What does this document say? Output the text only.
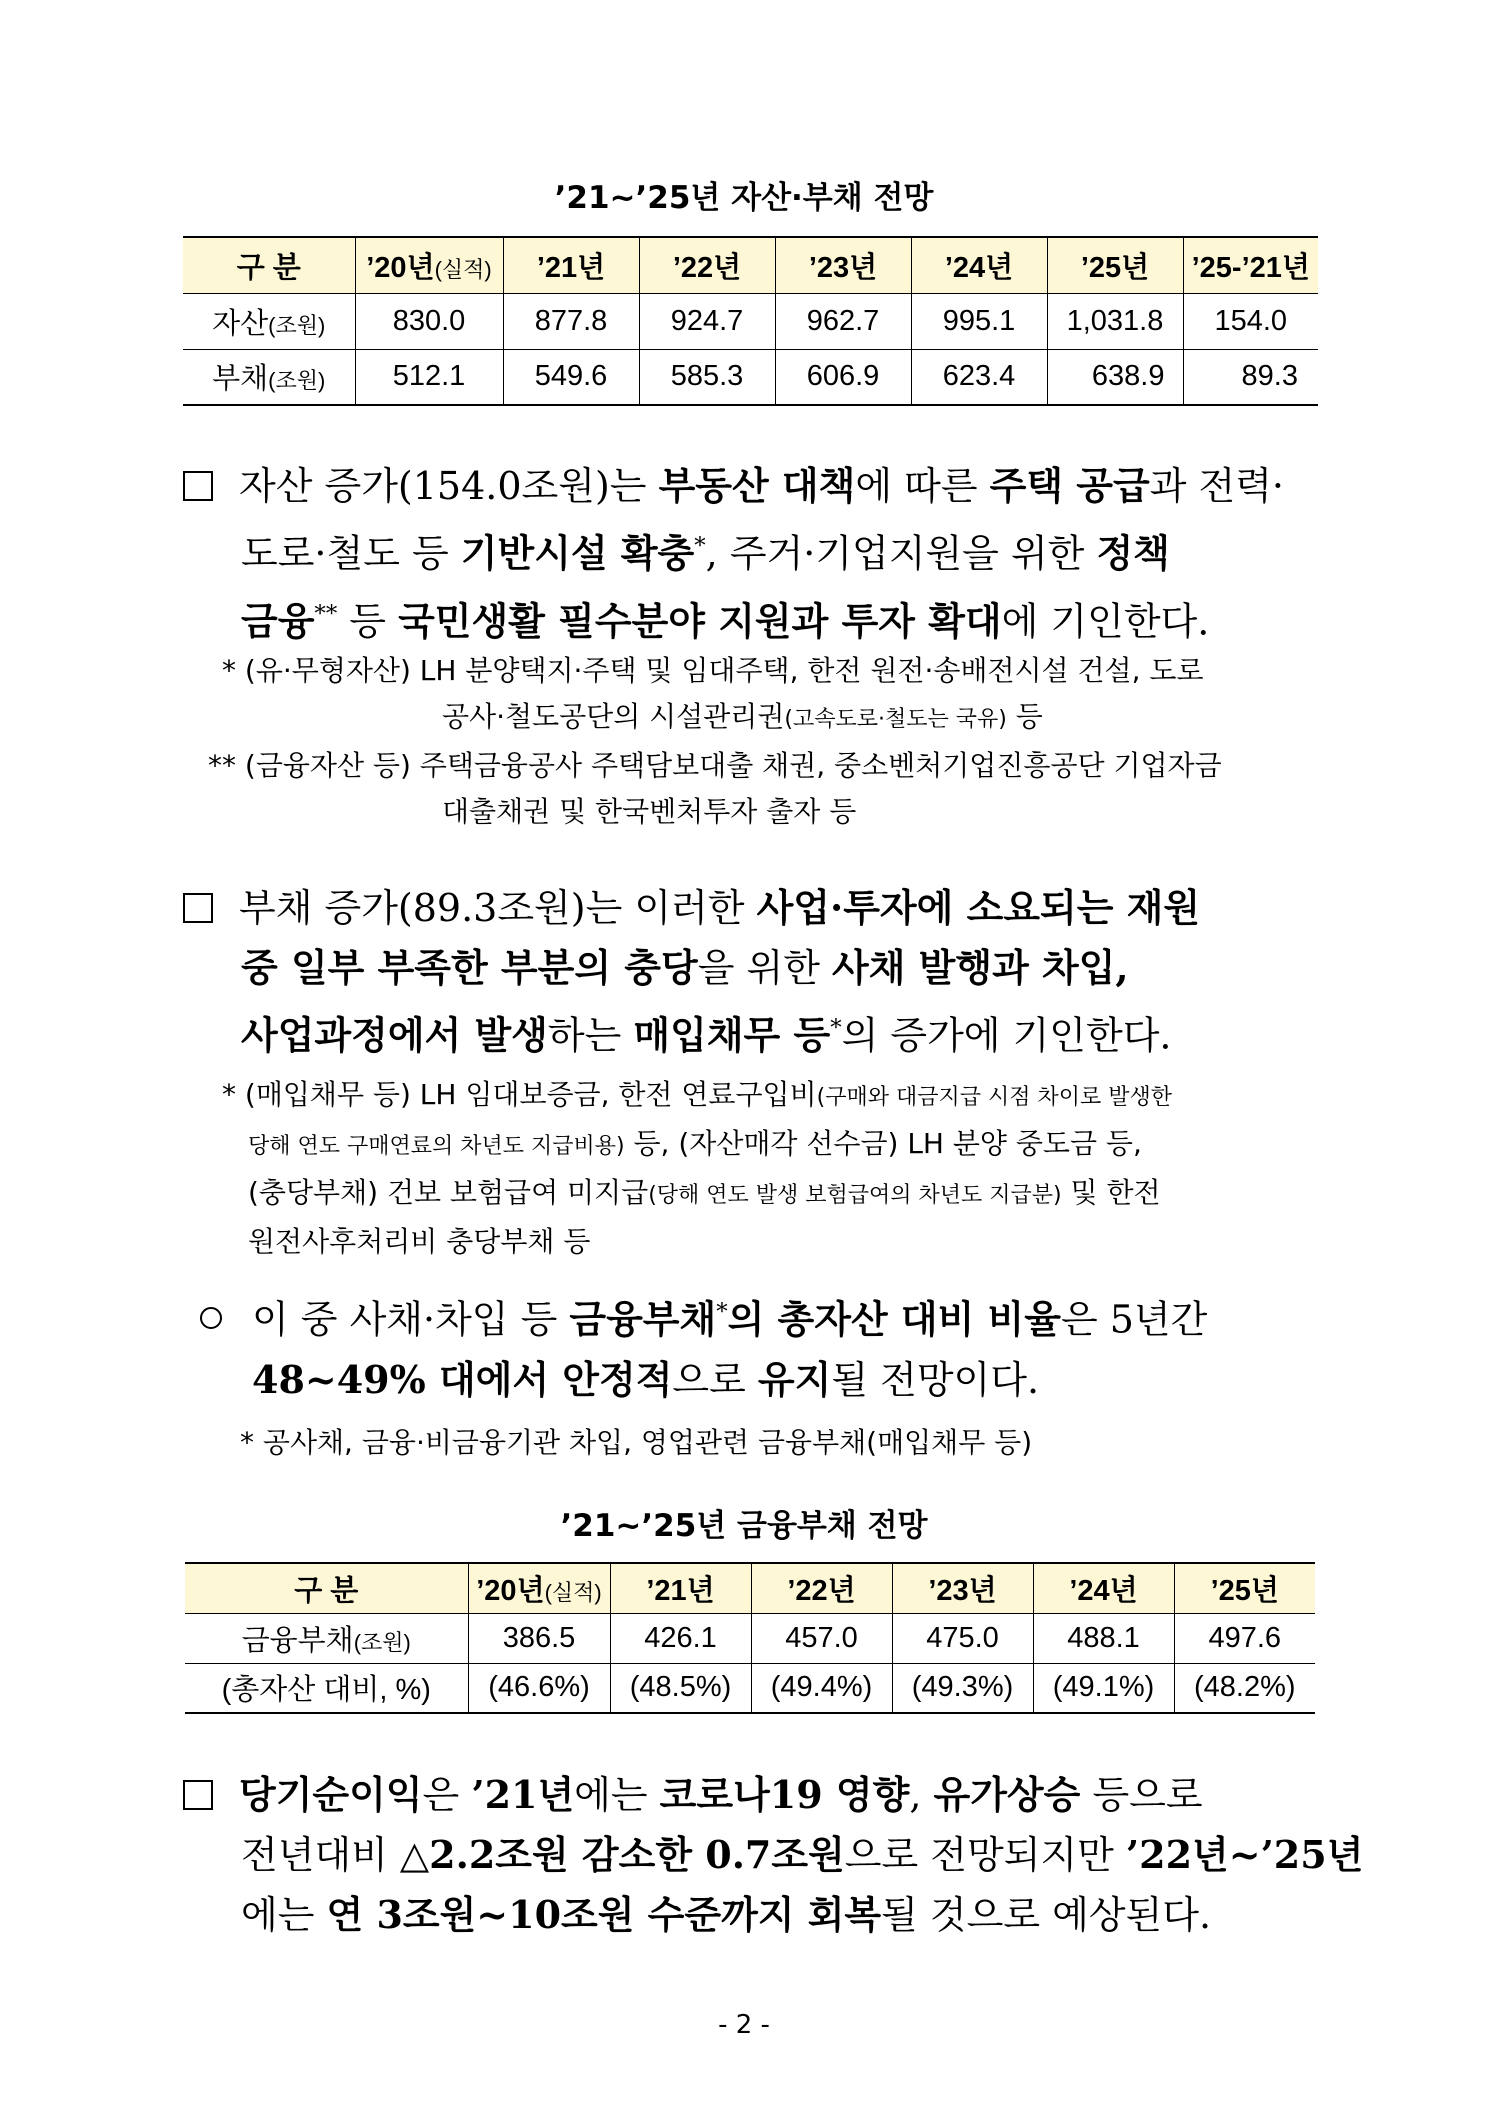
’21~’25년 자산·부채 전망
구 분	’20년(실적)	’21년	’22년	’23년	’24년	’25년	’25-’21년
자산(조원)	830.0	877.8	924.7	962.7	995.1	1,031.8	154.0
부채(조원)	512.1	549.6	585.3	606.9	623.4	638.9	89.3
자산 증가(154.0조원)는 부동산 대책에 따른 주택 공급과 전력·
도로·철도 등 기반시설 확충*, 주거·기업지원을 위한 정책
금융** 등 국민생활 필수분야 지원과 투자 확대에 기인한다.
* (유·무형자산) LH 분양택지·주택 및 임대주택, 한전 원전·송배전시설 건설, 도로
공사·철도공단의 시설관리권(고속도로·철도는 국유) 등
** (금융자산 등) 주택금융공사 주택담보대출 채권, 중소벤처기업진흥공단 기업자금
대출채권 및 한국벤처투자 출자 등
부채 증가(89.3조원)는 이러한 사업·투자에 소요되는 재원
중 일부 부족한 부분의 충당을 위한 사채 발행과 차입,
사업과정에서 발생하는 매입채무 등*의 증가에 기인한다.
* (매입채무 등) LH 임대보증금, 한전 연료구입비(구매와 대금지급 시점 차이로 발생한
당해 연도 구매연료의 차년도 지급비용) 등, (자산매각 선수금) LH 분양 중도금 등,
(충당부채) 건보 보험급여 미지급(당해 연도 발생 보험급여의 차년도 지급분) 및 한전
원전사후처리비 충당부채 등
이 중 사채·차입 등 금융부채*의 총자산 대비 비율은 5년간
48~49% 대에서 안정적으로 유지될 전망이다.
* 공사채, 금융·비금융기관 차입, 영업관련 금융부채(매입채무 등)
’21~’25년 금융부채 전망
구 분	’20년(실적)	’21년	’22년	’23년	’24년	’25년
금융부채(조원)	386.5	426.1	457.0	475.0	488.1	497.6
(총자산 대비, %)	(46.6%)	(48.5%)	(49.4%)	(49.3%)	(49.1%)	(48.2%)
당기순이익은 ’21년에는 코로나19 영향, 유가상승 등으로
전년대비 △2.2조원 감소한 0.7조원으로 전망되지만 ’22년~’25년
에는 연 3조원~10조원 수준까지 회복될 것으로 예상된다.
- 2 -
